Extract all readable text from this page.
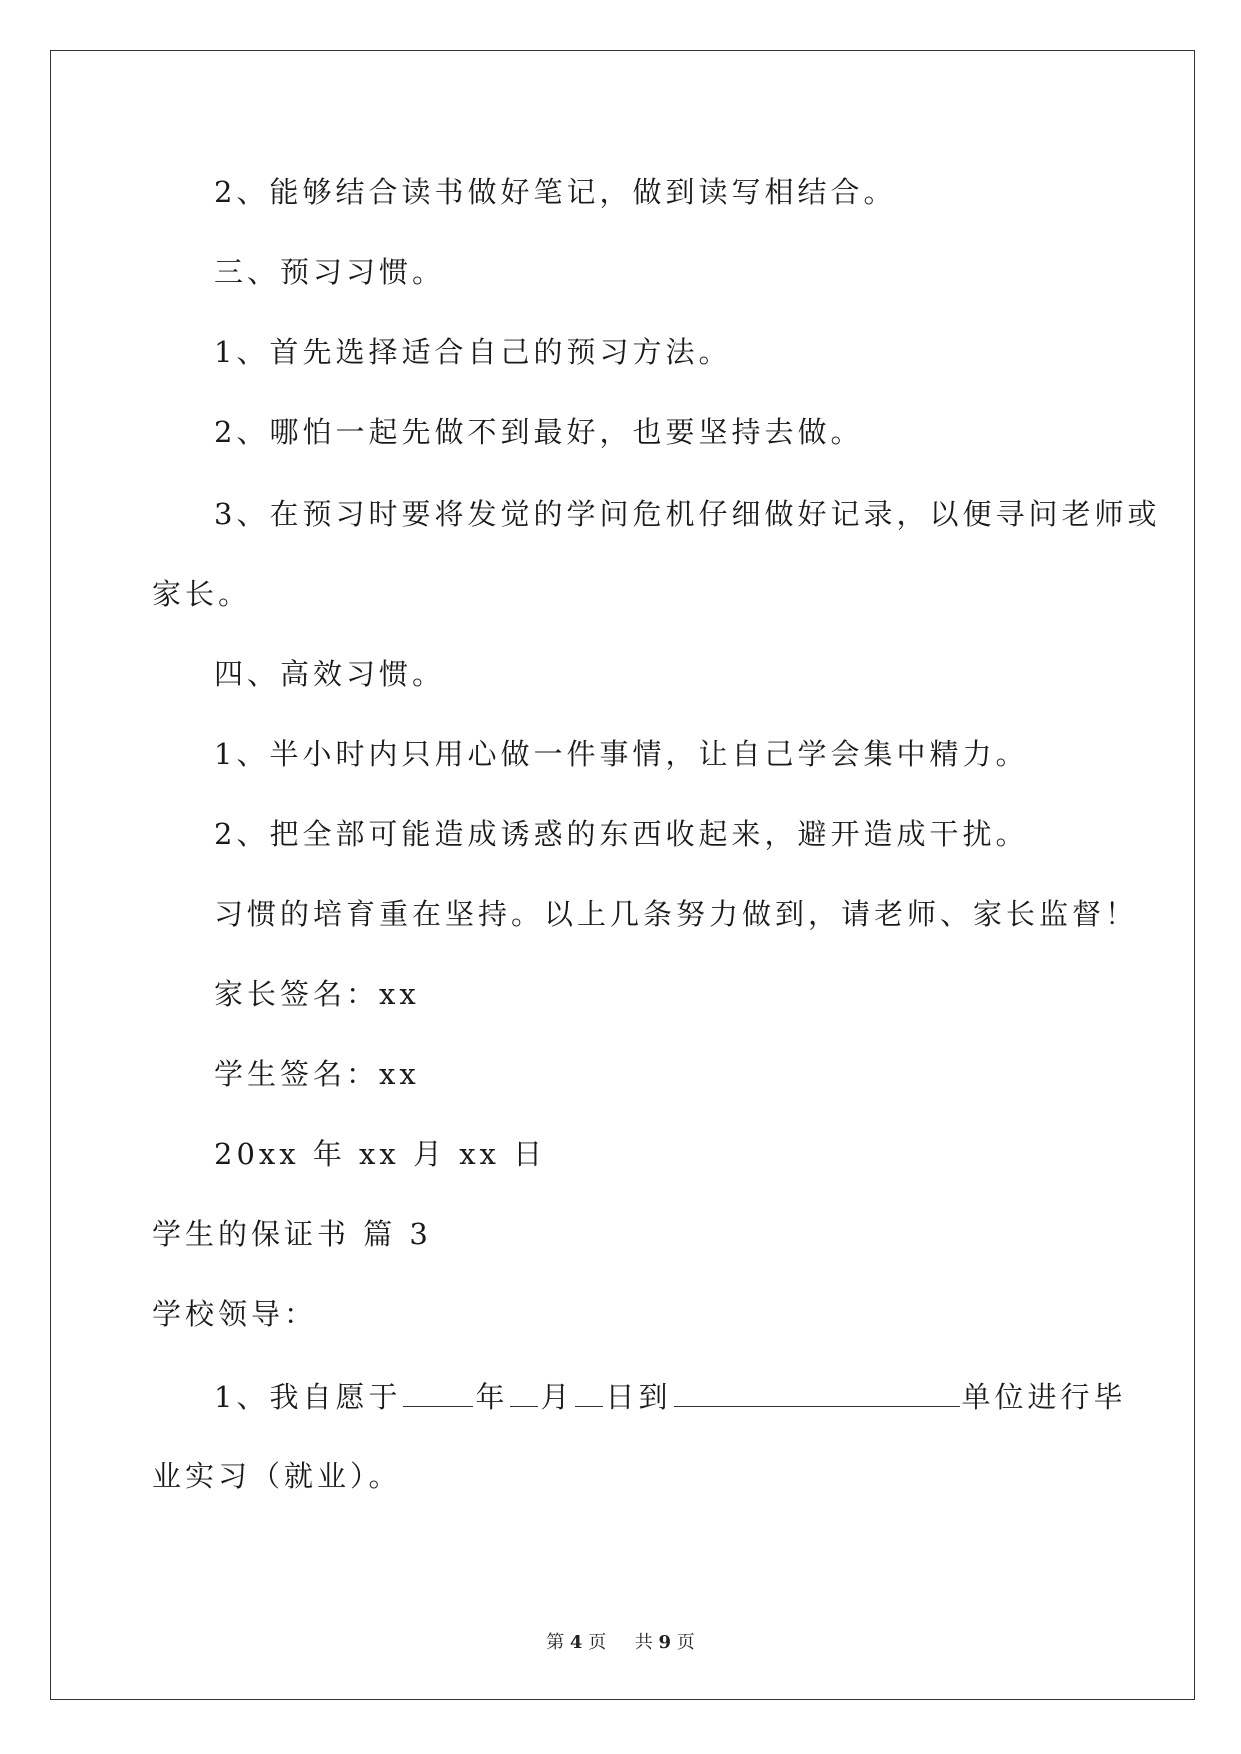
2、能够结合读书做好笔记，做到读写相结合。
三、预习习惯。
1、首先选择适合自己的预习方法。
2、哪怕一起先做不到最好，也要坚持去做。
3、在预习时要将发觉的学问危机仔细做好记录，以便寻问老师或
家长。
四、高效习惯。
1、半小时内只用心做一件事情，让自己学会集中精力。
2、把全部可能造成诱惑的东西收起来，避开造成干扰。
习惯的培育重在坚持。以上几条努力做到，请老师、家长监督！
家长签名：xx
学生签名：xx
20xx 年 xx 月 xx 日
学生的保证书 篇 3
学校领导：
1、我自愿于	年 月 日到	单位进行毕
业实习（就业）。
第 4 页 共 9 页
